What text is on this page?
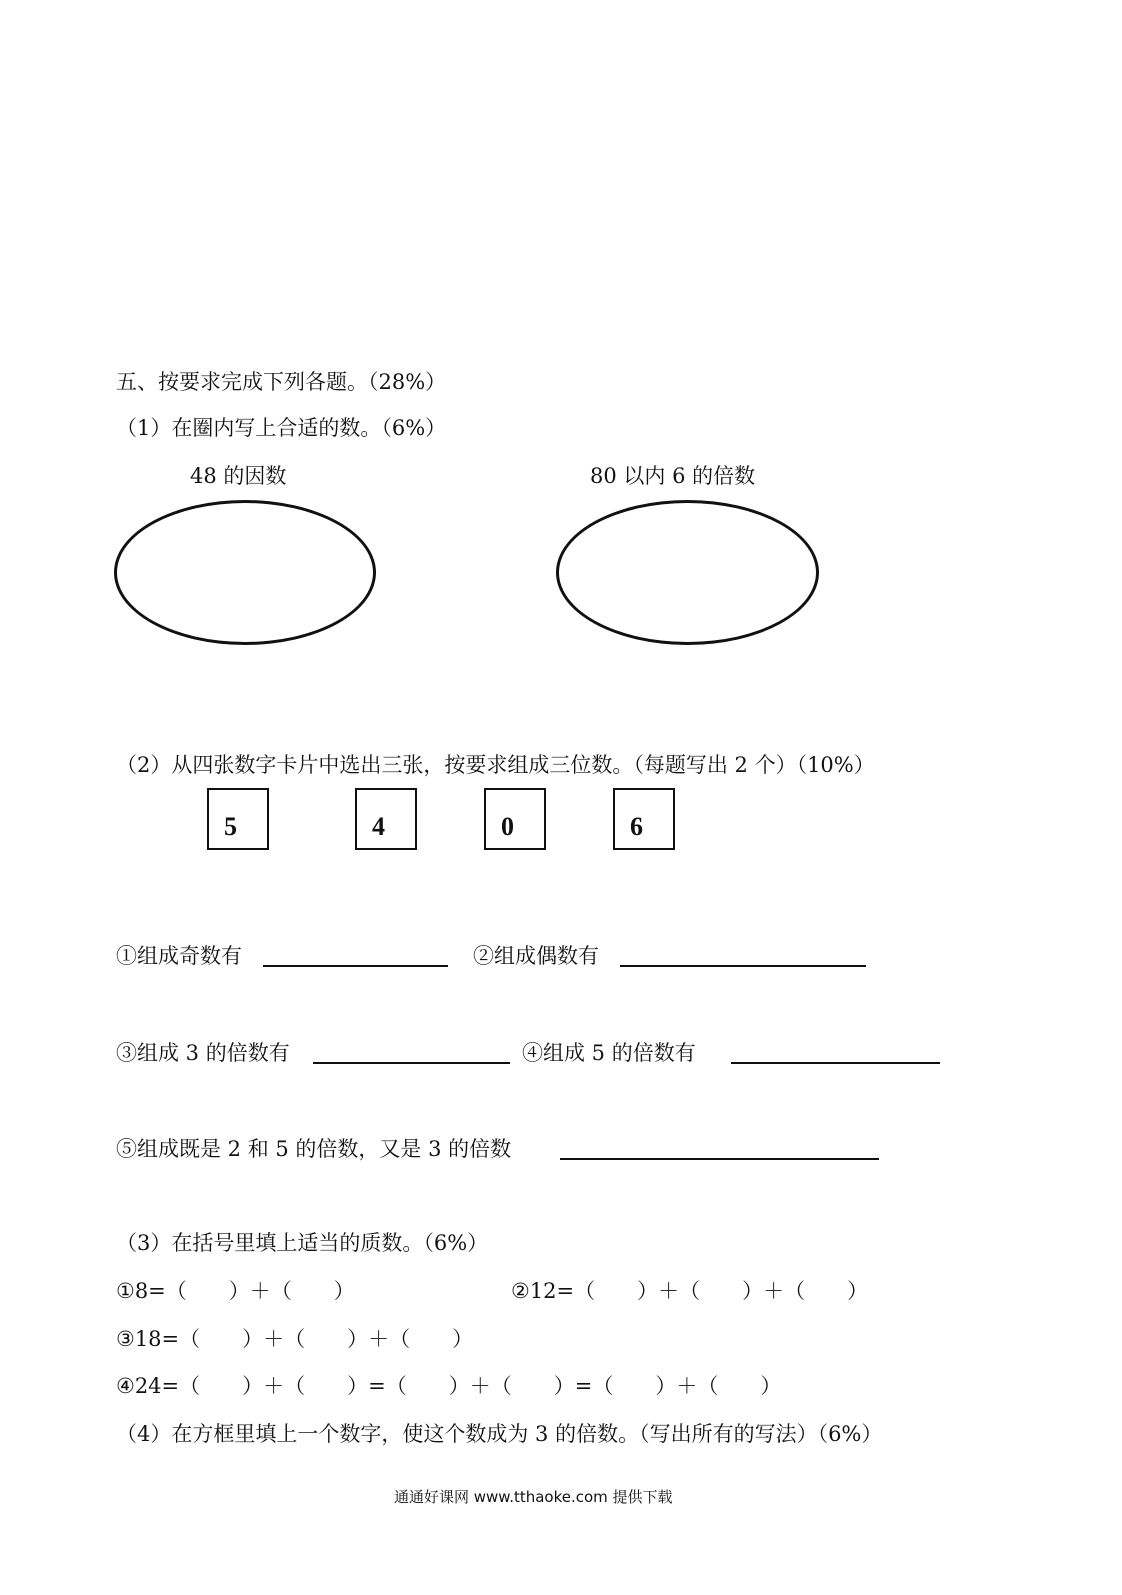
五、按要求完成下列各题。（28%）
（1）在圈内写上合适的数。（6%）
48 的因数	80 以内 6 的倍数
（2）从四张数字卡片中选出三张，按要求组成三位数。（每题写出 2 个）（10%）
5	4	0	6
①组成奇数有	②组成偶数有
③组成 3 的倍数有	④组成 5 的倍数有
⑤组成既是 2 和 5 的倍数，又是 3 的倍数
（3）在括号里填上适当的质数。（6%）
①8=（　　）＋（　　）	②12=（　　）＋（　　）＋（　　）
③18=（　　）＋（　　）＋（　　）
④24=（　　）＋（　　）=（　　）＋（　　）=（　　）＋（　　）
（4）在方框里填上一个数字，使这个数成为 3 的倍数。（写出所有的写法）（6%）
通通好课网 www.tthaoke.com 提供下载
